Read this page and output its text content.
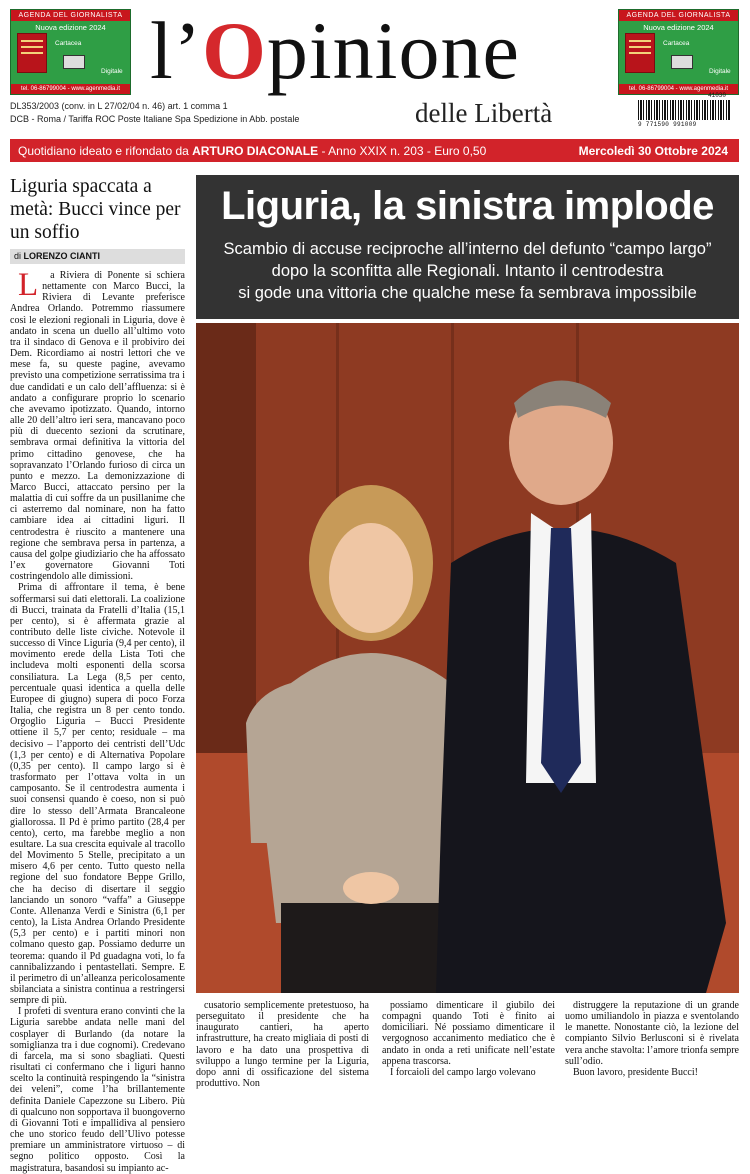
AGENDA DEL GIORNALISTA
Nuova edizione 2024
Cartacea
Digitale
tel. 06-86799004 - www.agenmedia.it
AGENDA DEL GIORNALISTA
Nuova edizione 2024
Cartacea
Digitale
tel. 06-86799004 - www.agenmedia.it
l’Opinione
delle Libertà
DL353/2003 (conv. in L 27/02/04 n. 46) art. 1 comma 1
DCB - Roma / Tariffa ROC Poste Italiane Spa Spedizione in Abb. postale
41030
9 771590 991009
Quotidiano ideato e rifondato da ARTURO DIACONALE - Anno XXIX n. 203 - Euro 0,50	Mercoledì 30 Ottobre 2024
Liguria spaccata a metà: Bucci vince per un soffio
di LORENZO CIANTI

L a Riviera di Ponente si schiera nettamente con Marco Bucci, la Riviera di Levante preferisce Andrea Orlando. Potremmo riassumere così le elezioni regionali in Liguria, dove è andato in scena un duello all’ultimo voto tra il sindaco di Genova e il probiviro dei Dem. Ricordiamo ai nostri lettori che ve mese fa, su queste pagine, avevamo previsto una competizione serratissima tra i due candidati e un calo dell’affluenza: si è andato a configurare proprio lo scenario che avevamo ipotizzato. Quando, intorno alle 20 dell’altro ieri sera, mancavano poco più di duecento sezioni da scrutinare, sembrava ormai definitiva la vittoria del primo cittadino genovese, che ha sopravanzato l’Orlando furioso di circa un punto e mezzo. La demonizzazione di Marco Bucci, attaccato persino per la malattia di cui soffre da un pusillanime che ci asterremo dal nominare, non ha fatto cambiare idea ai cittadini liguri. Il centrodestra è riuscito a mantenere una regione che sembrava persa in partenza, a causa del golpe giudiziario che ha affossato l’ex governatore Giovanni Toti costringendolo alle dimissioni.

Prima di affrontare il tema, è bene soffermarsi sui dati elettorali. La coalizione di Bucci, trainata da Fratelli d’Italia (15,1 per cento), si è affermata grazie al contributo delle liste civiche. Notevole il successo di Vince Liguria (9,4 per cento), il movimento erede della Lista Toti che includeva molti esponenti della scorsa consiliatura. La Lega (8,5 per cento, percentuale quasi identica a quella delle Europee di giugno) supera di poco Forza Italia, che registra un 8 per cento tondo. Orgoglio Liguria – Bucci Presidente ottiene il 5,7 per cento; residuale – ma decisivo – l’apporto dei centristi dell’Udc (1,3 per cento) e di Alternativa Popolare (0,35 per cento). Il campo largo si è trasformato per l’ottava volta in un camposanto. Se il centrodestra aumenta i suoi consensi quando è coeso, non si può dire lo stesso dell’Armata Brancaleone giallorossa. Il Pd è primo partito (28,4 per cento), certo, ma farebbe meglio a non esultare. La sua crescita equivale al tracollo del Movimento 5 Stelle, precipitato a un misero 4,6 per cento. Tutto questo nella regione del suo fondatore Beppe Grillo, che ha deciso di disertare il seggio lanciando un sonoro “vaffa” a Giuseppe Conte. Allenanza Verdi e Sinistra (6,1 per cento), la Lista Andrea Orlando Presidente (5,3 per cento) e i partiti minori non colmano questo gap. Possiamo dedurre un teorema: quando il Pd guadagna voti, lo fa cannibalizzando i pentastellati. Sempre. E il perimetro di un’alleanza pericolosamente sbilanciata a sinistra continua a restringersi sempre di più.

I profeti di sventura erano convinti che la Liguria sarebbe andata nelle mani del cosplayer di Burlando (da notare la somiglianza tra i due cognomi). Credevano di farcela, ma si sono sbagliati. Questi risultati ci confermano che i liguri hanno scelto la continuità respingendo la “sinistra dei veleni”, come l’ha brillantemente definita Daniele Capezzone su Libero. Più di qualcuno non sopportava il buongoverno di Giovanni Toti e impallidiva al pensiero che uno storico feudo dell’Ulivo potesse premiare un amministratore virtuoso – di segno politico opposto. Così la magistratura, basandosi su impianto ac-

Liguria, la sinistra implode
Scambio di accuse reciproche all’interno del defunto “campo largo”
dopo la sconfitta alle Regionali. Intanto il centrodestra
si gode una vittoria che qualche mese fa sembrava impossibile

cusatorio semplicemente pretestuoso, ha perseguitato il presidente che ha inaugurato cantieri, ha aperto infrastrutture, ha creato migliaia di posti di lavoro e ha dato una prospettiva di sviluppo a lungo termine per la Liguria, dopo anni di ossificazione del sistema produttivo. Non

possiamo dimenticare il giubilo dei compagni quando Toti è finito ai domiciliari. Né possiamo dimenticare il vergognoso accanimento mediatico che è andato in onda a reti unificate nell’estate appena trascorsa.

I forcaioli del campo largo volevano

distruggere la reputazione di un grande uomo umiliandolo in piazza e sventolando le manette. Nonostante ciò, la lezione del compianto Silvio Berlusconi si è rivelata vera anche stavolta: l’amore trionfa sempre sull’odio.

Buon lavoro, presidente Bucci!
